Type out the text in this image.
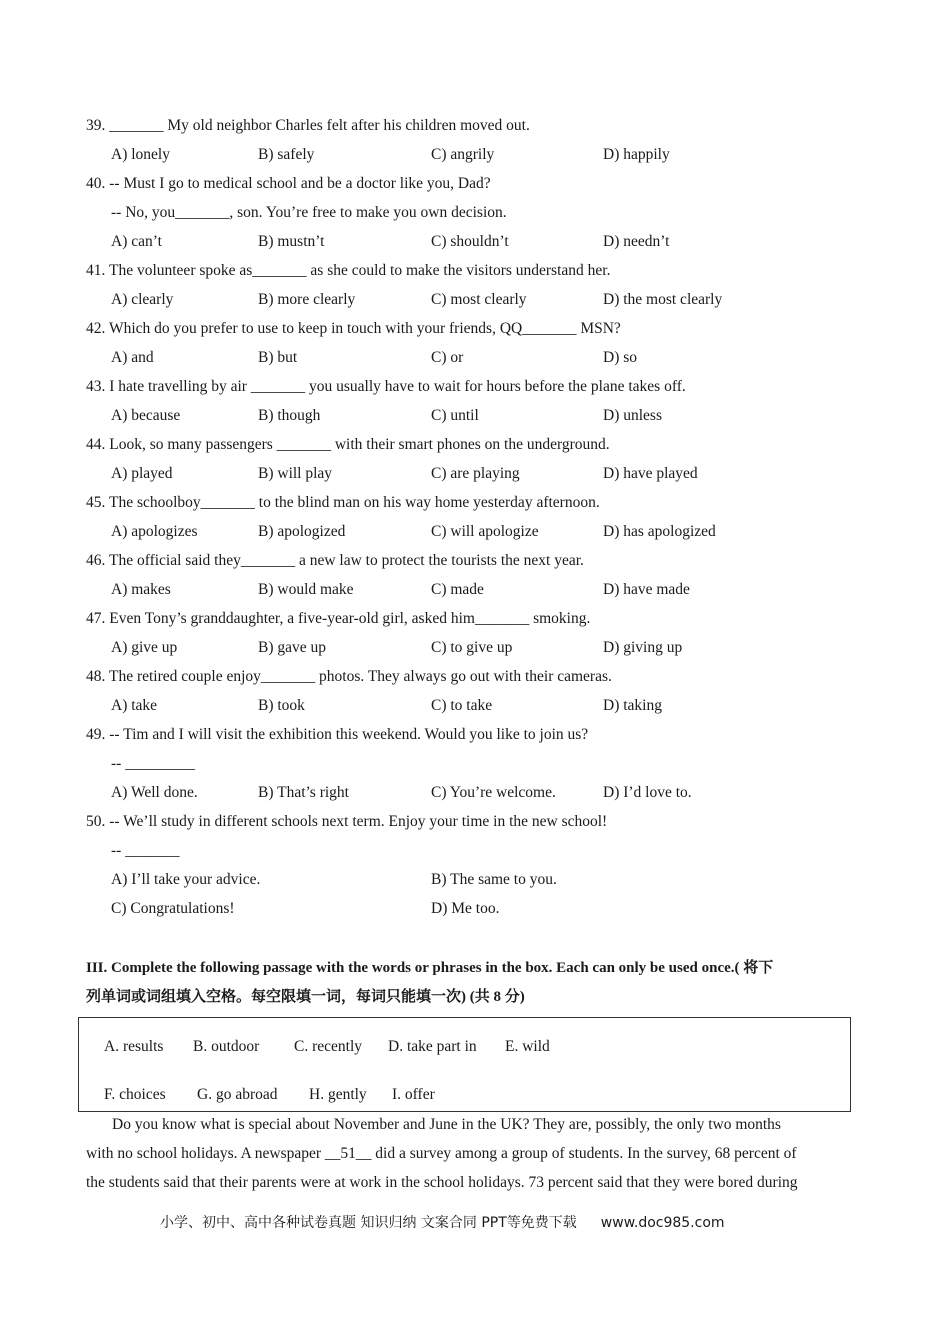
39. _______ My old neighbor Charles felt after his children moved out.
A) lonely	B) safely	C) angrily	D) happily
40. -- Must I go to medical school and be a doctor like you, Dad?
-- No, you_______, son. You’re free to make you own decision.
A) can’t	B) mustn’t	C) shouldn’t	D) needn’t
41. The volunteer spoke as_______ as she could to make the visitors understand her.
A) clearly	B) more clearly	C) most clearly	D) the most clearly
42. Which do you prefer to use to keep in touch with your friends, QQ_______ MSN?
A) and	B) but	C) or	D) so
43. I hate travelling by air _______ you usually have to wait for hours before the plane takes off.
A) because	B) though	C) until	D) unless
44. Look, so many passengers _______ with their smart phones on the underground.
A) played	B) will play	C) are playing	D) have played
45. The schoolboy_______ to the blind man on his way home yesterday afternoon.
A) apologizes	B) apologized	C) will apologize	D) has apologized
46. The official said they_______ a new law to protect the tourists the next year.
A) makes	B) would make	C) made	D) have made
47. Even Tony’s granddaughter, a five-year-old girl, asked him_______ smoking.
A) give up	B) gave up	C) to give up	D) giving up
48. The retired couple enjoy_______ photos. They always go out with their cameras.
A) take	B) took	C) to take	D) taking
49. -- Tim and I will visit the exhibition this weekend. Would you like to join us?
-- _________
A) Well done.	B) That’s right	C) You’re welcome.	D) I’d love to.
50. -- We’ll study in different schools next term. Enjoy your time in the new school!
-- _______
A) I’ll take your advice.	B) The same to you.
C) Congratulations!	D) Me too.
III. Complete the following passage with the words or phrases in the box. Each can only be used once.( 将下
列单词或词组填入空格。每空限填一词，每词只能填一次) (共 8 分)
A. results B. outdoor C. recently D. take part in E. wild
F. choices G. go abroad H. gently I. offer
Do you know what is special about November and June in the UK? They are, possibly, the only two months
with no school holidays. A newspaper __51__ did a survey among a group of students. In the survey, 68 percent of
the students said that their parents were at work in the school holidays. 73 percent said that they were bored during
小学、初中、高中各种试卷真题 知识归纳 文案合同 PPT等免费下载 www.doc985.com
